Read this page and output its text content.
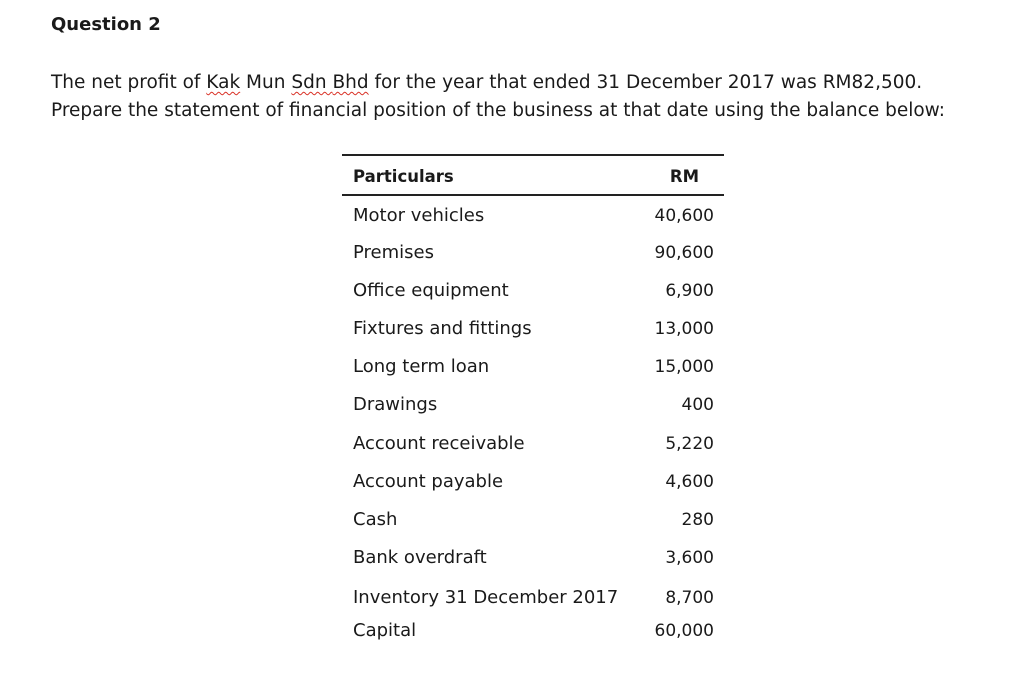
Question 2
The net profit of Kak Mun Sdn Bhd for the year that ended 31 December 2017 was RM82,500.
Prepare the statement of financial position of the business at that date using the balance below:
Particulars	RM
Motor vehicles	40,600
Premises	90,600
Office equipment	6,900
Fixtures and fittings	13,000
Long term loan	15,000
Drawings	400
Account receivable	5,220
Account payable	4,600
Cash	280
Bank overdraft	3,600
Inventory 31 December 2017	8,700
Capital	60,000
